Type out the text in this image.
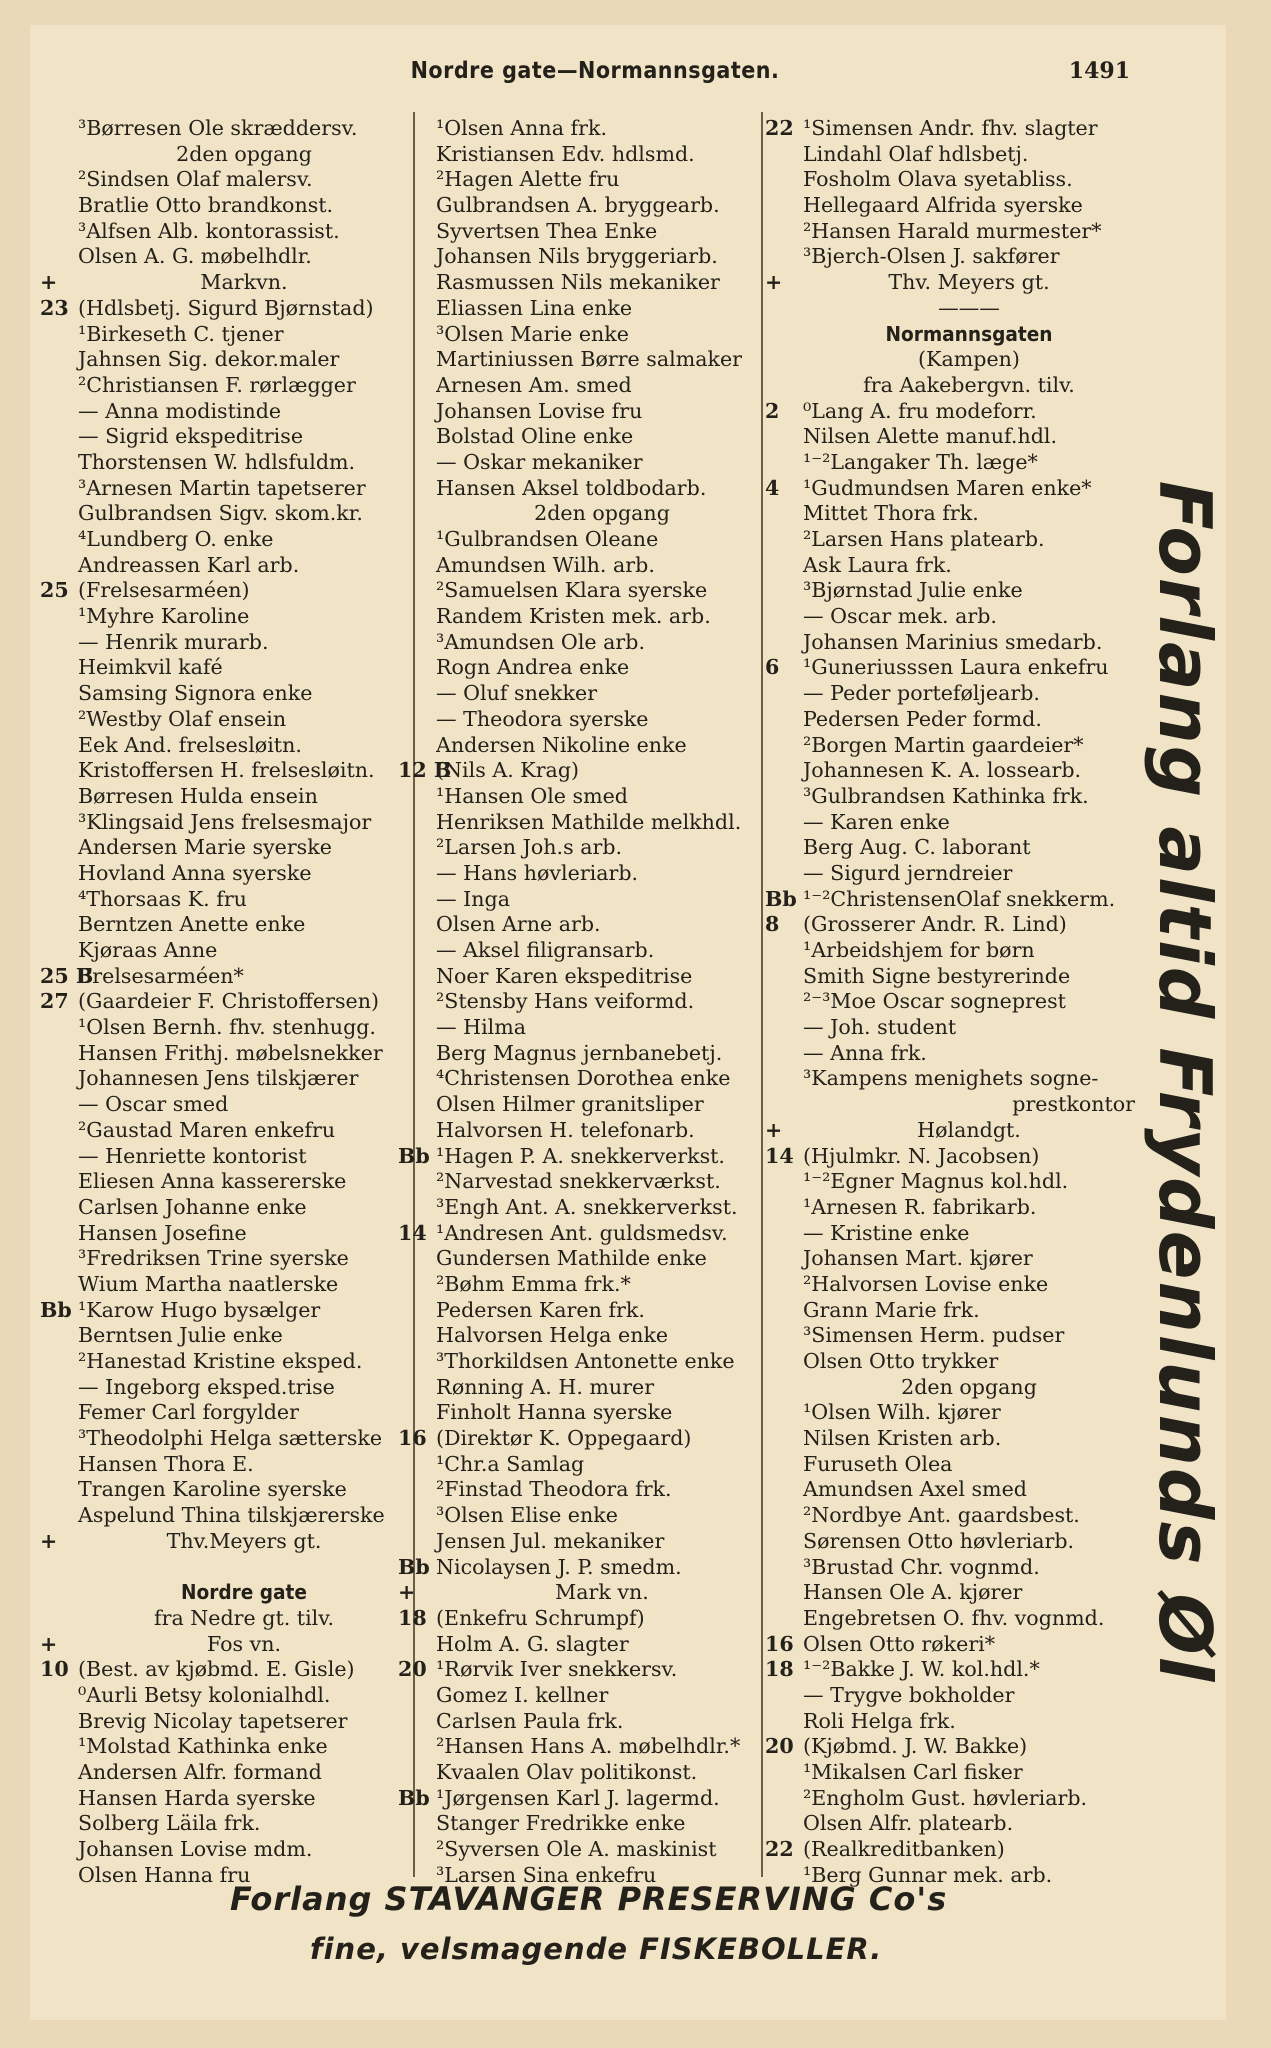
Nordre gate—Normannsgaten.	1491
³Børresen Ole skræddersv.
2den opgang
²Sindsen Olaf malersv.
Bratlie Otto brandkonst.
³Alfsen Alb. kontorassist.
Olsen A. G. møbelhdlr.
+	Markvn.
23 (Hdlsbetj. Sigurd Bjørnstad)
¹Birkeseth C. tjener
Jahnsen Sig. dekor.maler
²Christiansen F. rørlægger
— Anna modistinde
— Sigrid ekspeditrise
Thorstensen W. hdlsfuldm.
³Arnesen Martin tapetserer
Gulbrandsen Sigv. skom.kr.
⁴Lundberg O. enke
Andreassen Karl arb.
25 (Frelsesarméen)
¹Myhre Karoline
— Henrik murarb.
Heimkvil kafé
Samsing Signora enke
²Westby Olaf ensein
Eek And. frelsesløitn.
Kristoffersen H. frelsesløitn.
Børresen Hulda ensein
³Klingsaid Jens frelsesmajor
Andersen Marie syerske
Hovland Anna syerske
⁴Thorsaas K. fru
Berntzen Anette enke
Kjøraas Anne
25 B
Frelsesarméen*
27 (Gaardeier F. Christoffersen)
¹Olsen Bernh. fhv. stenhugg.
Hansen Frithj. møbelsnekker
Johannesen Jens tilskjærer
— Oscar smed
²Gaustad Maren enkefru
— Henriette kontorist
Eliesen Anna kassererske
Carlsen Johanne enke
Hansen Josefine
³Fredriksen Trine syerske
Wium Martha naatlerske
Bb ¹Karow Hugo bysælger
Berntsen Julie enke
²Hanestad Kristine eksped.
— Ingeborg eksped.trise
Femer Carl forgylder
³Theodolphi Helga sætterske
Hansen Thora E.
Trangen Karoline syerske
Aspelund Thina tilskjærerske
+	Thv.Meyers gt.
Nordre gate
fra Nedre gt. tilv.
+	Fos vn.
10 (Best. av kjøbmd. E. Gisle)
⁰Aurli Betsy kolonialhdl.
Brevig Nicolay tapetserer
¹Molstad Kathinka enke
Andersen Alfr. formand
Hansen Harda syerske
Solberg Läila frk.
Johansen Lovise mdm.
Olsen Hanna fru
¹Olsen Anna frk.
Kristiansen Edv. hdlsmd.
²Hagen Alette fru
Gulbrandsen A. bryggearb.
Syvertsen Thea Enke
Johansen Nils bryggeriarb.
Rasmussen Nils mekaniker
Eliassen Lina enke
³Olsen Marie enke
Martiniussen Børre salmaker
Arnesen Am. smed
Johansen Lovise fru
Bolstad Oline enke
— Oskar mekaniker
Hansen Aksel toldbodarb.
2den opgang
¹Gulbrandsen Oleane
Amundsen Wilh. arb.
²Samuelsen Klara syerske
Randem Kristen mek. arb.
³Amundsen Ole arb.
Rogn Andrea enke
— Oluf snekker
— Theodora syerske
Andersen Nikoline enke
12 B
(Nils A. Krag)
¹Hansen Ole smed
Henriksen Mathilde melkhdl.
²Larsen Joh.s arb.
— Hans høvleriarb.
— Inga
Olsen Arne arb.
— Aksel filigransarb.
Noer Karen ekspeditrise
²Stensby Hans veiformd.
— Hilma
Berg Magnus jernbanebetj.
⁴Christensen Dorothea enke
Olsen Hilmer granitsliper
Halvorsen H. telefonarb.
Bb ¹Hagen P. A. snekkerverkst.
²Narvestad snekkerværkst.
³Engh Ant. A. snekkerverkst.
14 ¹Andresen Ant. guldsmedsv.
Gundersen Mathilde enke
²Bøhm Emma frk.*
Pedersen Karen frk.
Halvorsen Helga enke
³Thorkildsen Antonette enke
Rønning A. H. murer
Finholt Hanna syerske
16 (Direktør K. Oppegaard)
¹Chr.a Samlag
²Finstad Theodora frk.
³Olsen Elise enke
Jensen Jul. mekaniker
Bb Nicolaysen J. P. smedm.
+	Mark vn.
18 (Enkefru Schrumpf)
Holm A. G. slagter
20 ¹Rørvik Iver snekkersv.
Gomez I. kellner
Carlsen Paula frk.
²Hansen Hans A. møbelhdlr.*
Kvaalen Olav politikonst.
Bb ¹Jørgensen Karl J. lagermd.
Stanger Fredrikke enke
²Syversen Ole A. maskinist
³Larsen Sina enkefru
22 ¹Simensen Andr. fhv. slagter
Lindahl Olaf hdlsbetj.
Fosholm Olava syetabliss.
Hellegaard Alfrida syerske
²Hansen Harald murmester*
³Bjerch-Olsen J. sakfører
+	Thv. Meyers gt.
———
Normannsgaten
(Kampen)
fra Aakebergvn. tilv.
2	⁰Lang A. fru modeforr.
Nilsen Alette manuf.hdl.
¹⁻²Langaker Th. læge*
4	¹Gudmundsen Maren enke*
Mittet Thora frk.
²Larsen Hans platearb.
Ask Laura frk.
³Bjørnstad Julie enke
— Oscar mek. arb.
Johansen Marinius smedarb.
6	¹Guneriusssen Laura enkefru
— Peder porteføljearb.
Pedersen Peder formd.
²Borgen Martin gaardeier*
Johannesen K. A. lossearb.
³Gulbrandsen Kathinka frk.
— Karen enke
Berg Aug. C. laborant
— Sigurd jerndreier
Bb ¹⁻²ChristensenOlaf snekkerm.
8	(Grosserer Andr. R. Lind)
¹Arbeidshjem for børn
Smith Signe bestyrerinde
²⁻³Moe Oscar sogneprest
— Joh. student
— Anna frk.
³Kampens menighets sogne-
prestkontor
+	Hølandgt.
14 (Hjulmkr. N. Jacobsen)
¹⁻²Egner Magnus kol.hdl.
¹Arnesen R. fabrikarb.
— Kristine enke
Johansen Mart. kjører
²Halvorsen Lovise enke
Grann Marie frk.
³Simensen Herm. pudser
Olsen Otto trykker
2den opgang
¹Olsen Wilh. kjører
Nilsen Kristen arb.
Furuseth Olea
Amundsen Axel smed
²Nordbye Ant. gaardsbest.
Sørensen Otto høvleriarb.
³Brustad Chr. vognmd.
Hansen Ole A. kjører
Engebretsen O. fhv. vognmd.
16 Olsen Otto røkeri*
18 ¹⁻²Bakke J. W. kol.hdl.*
— Trygve bokholder
Roli Helga frk.
20 (Kjøbmd. J. W. Bakke)
¹Mikalsen Carl fisker
²Engholm Gust. høvleriarb.
Olsen Alfr. platearb.
22 (Realkreditbanken)
¹Berg Gunnar mek. arb.
Forlang altid Frydenlunds Øl
Forlang STAVANGER PRESERVING Co's
fine, velsmagende FISKEBOLLER.
